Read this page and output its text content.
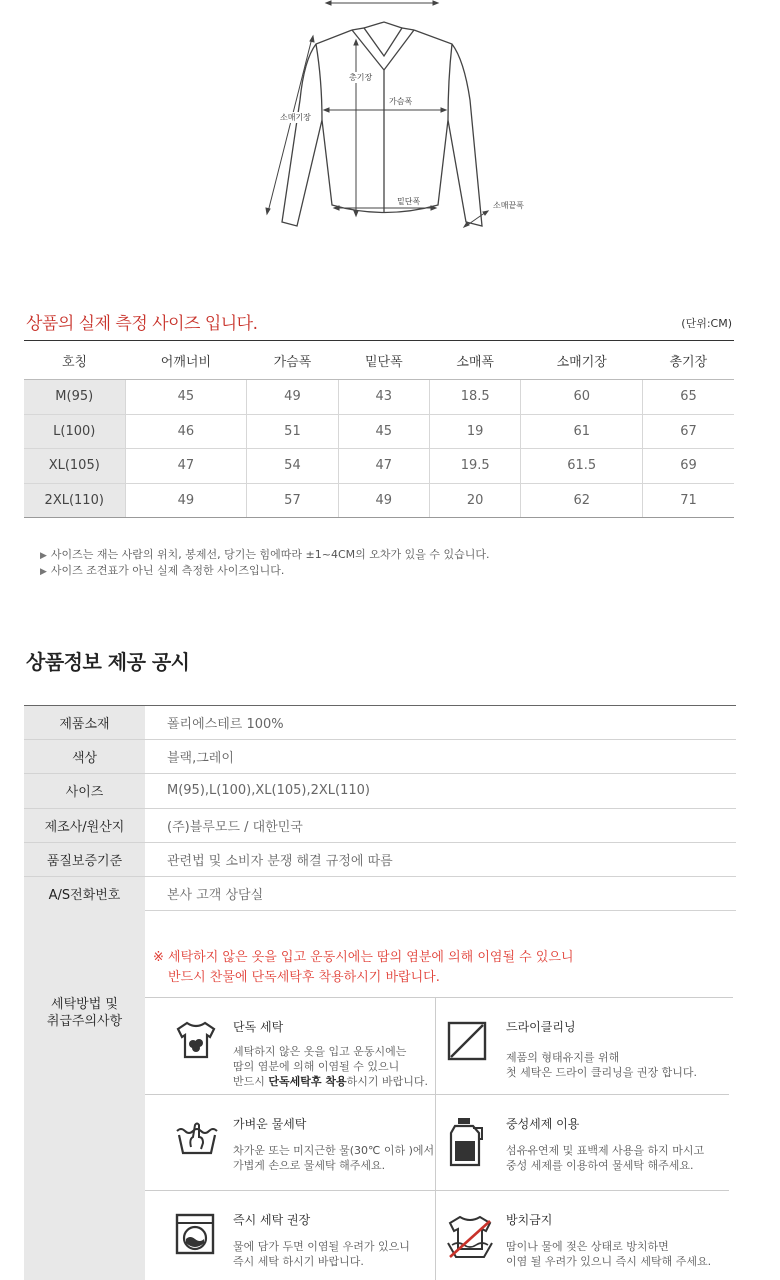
총기장
가슴폭
소매기장
밑단폭	소매끝폭
상품의 실제 측정 사이즈 입니다.	(단위:CM)
호칭	어깨너비	가슴폭	밑단폭	소매폭	소매기장	총기장
M(95)	45	49	43	18.5	60	65
L(100)	46	51	45	19	61	67
XL(105)	47	54	47	19.5	61.5	69
2XL(110)	49	57	49	20	62	71
▶ 사이즈는 재는 사람의 위치, 봉제선, 당기는 힘에따라 ±1~4CM의 오차가 있을 수 있습니다.
▶ 사이즈 조견표가 아닌 실제 측정한 사이즈입니다.
상품정보 제공 공시
제품소재	폴리에스테르 100%
색상	블랙,그레이
사이즈	M(95),L(100),XL(105),2XL(110)
제조사/원산지	(주)블루모드 / 대한민국
품질보증기준	관련법 및 소비자 분쟁 해결 규정에 따름
A/S전화번호	본사 고객 상담실
세탁방법 및
취급주의사항
※ 세탁하지 않은 옷을 입고 운동시에는 땀의 염분에 의해 이염될 수 있으니
반드시 찬물에 단독세탁후 착용하시기 바랍니다.
단독 세탁
세탁하지 않은 옷을 입고 운동시에는
땀의 염분에 의해 이염될 수 있으니
반드시 단독세탁후 착용하시기 바랍니다.
드라이클리닝
제품의 형태유지를 위해
첫 세탁은 드라이 클리닝을 권장 합니다.
가벼운 물세탁
차가운 또는 미지근한 물(30℃ 이하 )에서
가볍게 손으로 물세탁 해주세요.
중성세제 이용
섬유유연제 및 표백제 사용을 하지 마시고
중성 세제를 이용하여 물세탁 해주세요.
즉시 세탁 권장
물에 담가 두면 이염될 우려가 있으니
즉시 세탁 하시기 바랍니다.
방치금지
땀이나 물에 젖은 상태로 방치하면
이염 될 우려가 있으니 즉시 세탁해 주세요.
